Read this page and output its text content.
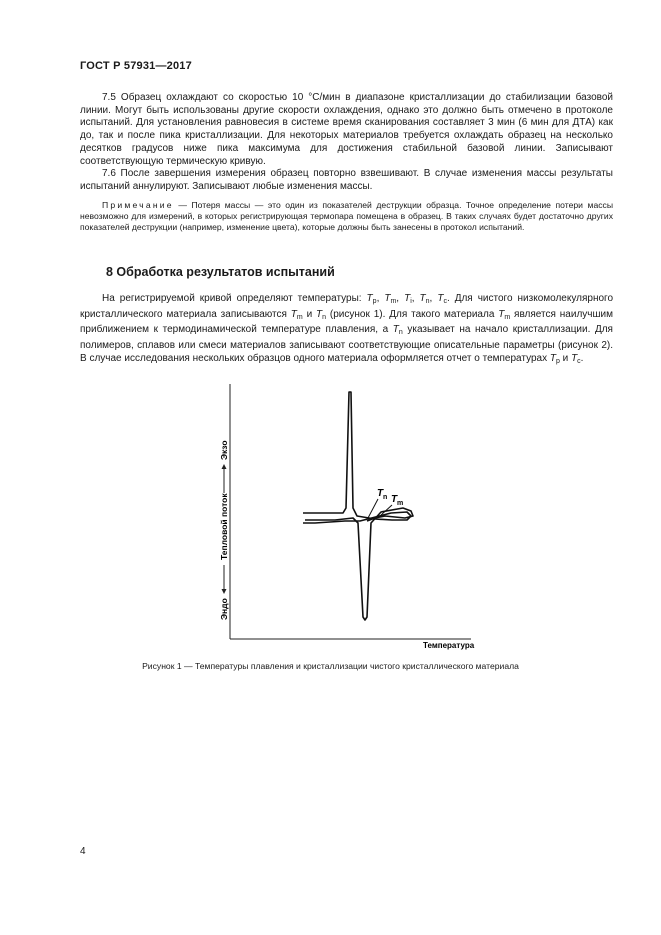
ГОСТ Р 57931—2017

7.5 Образец охлаждают со скоростью 10 °С/мин в диапазоне кристаллизации до стабилизации базовой линии. Могут быть использованы другие скорости охлаждения, однако это должно быть отмечено в протоколе испытаний. Для установления равновесия в системе время сканирования составляет 3 мин (6 мин для ДТА) как до, так и после пика кристаллизации. Для некоторых материалов требуется охлаждать образец на несколько десятков градусов ниже пика максимума для достижения стабильной базовой линии. Записывают соответствующую термическую кривую.

7.6 После завершения измерения образец повторно взвешивают. В случае изменения массы результаты испытаний аннулируют. Записывают любые изменения массы.

Примечание — Потеря массы — это один из показателей деструкции образца. Точное определение потери массы невозможно для измерений, в которых регистрирующая термопара помещена в образец. В таких случаях будет достаточно других показателей деструкции (например, изменение цвета), которые должны быть занесены в протокол испытаний.

8 Обработка результатов испытаний

На регистрируемой кривой определяют температуры: $T_p$, $T_m$, $T_i$, $T_n$, $T_c$. Для чистого низкомолекулярного кристаллического материала записываются $T_m$ и $T_n$ (рисунок 1). Для такого материала $T_m$ является наилучшим приближением к термодинамической температуре плавления, а $T_n$ указывает на начало кристаллизации. Для полимеров, сплавов или смеси материалов записывают соответствующие описательные параметры (рисунок 2). В случае исследования нескольких образцов одного материала оформляется отчет о температурах $T_p$ и $T_c$.

Эндо
Тепловой поток
Экзо
T n T m
Температура
Рисунок 1 — Температуры плавления и кристаллизации чистого кристаллического материала
4
